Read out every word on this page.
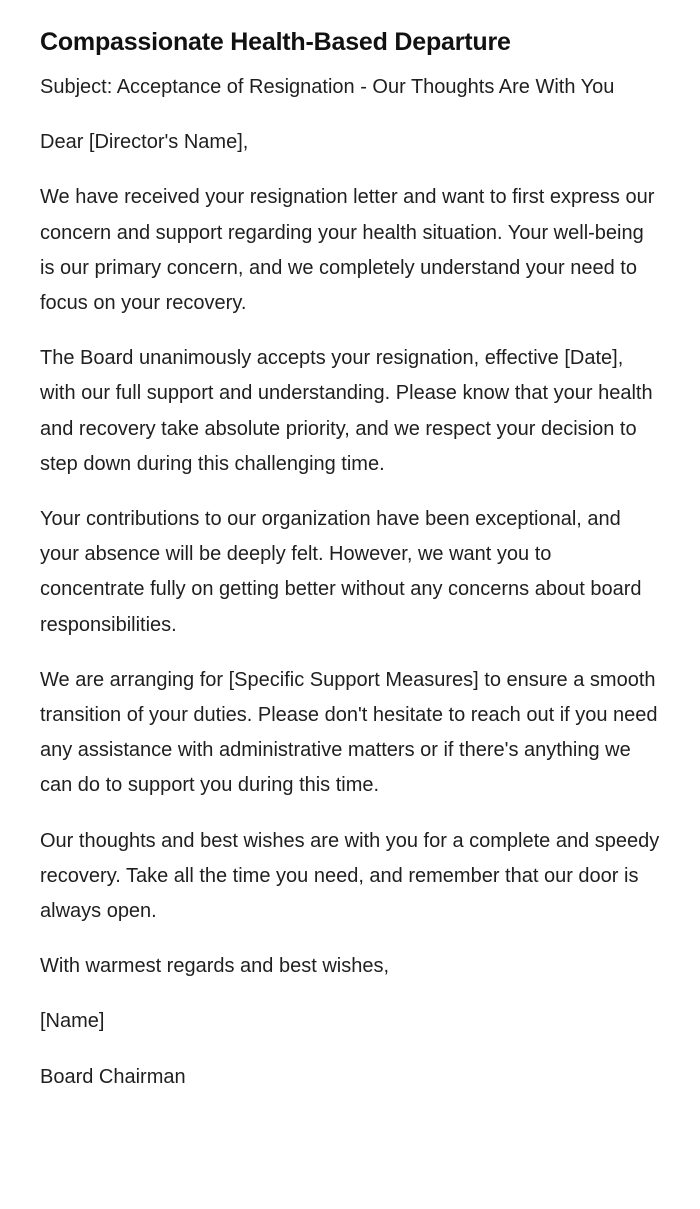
Compassionate Health-Based Departure

Subject: Acceptance of Resignation - Our Thoughts Are With You

Dear [Director's Name],

We have received your resignation letter and want to first express our concern and support regarding your health situation. Your well-being is our primary concern, and we completely understand your need to focus on your recovery.

The Board unanimously accepts your resignation, effective [Date], with our full support and understanding. Please know that your health and recovery take absolute priority, and we respect your decision to step down during this challenging time.

Your contributions to our organization have been exceptional, and your absence will be deeply felt. However, we want you to concentrate fully on getting better without any concerns about board responsibilities.

We are arranging for [Specific Support Measures] to ensure a smooth transition of your duties. Please don't hesitate to reach out if you need any assistance with administrative matters or if there's anything we can do to support you during this time.

Our thoughts and best wishes are with you for a complete and speedy recovery. Take all the time you need, and remember that our door is always open.

With warmest regards and best wishes,

[Name]

Board Chairman
